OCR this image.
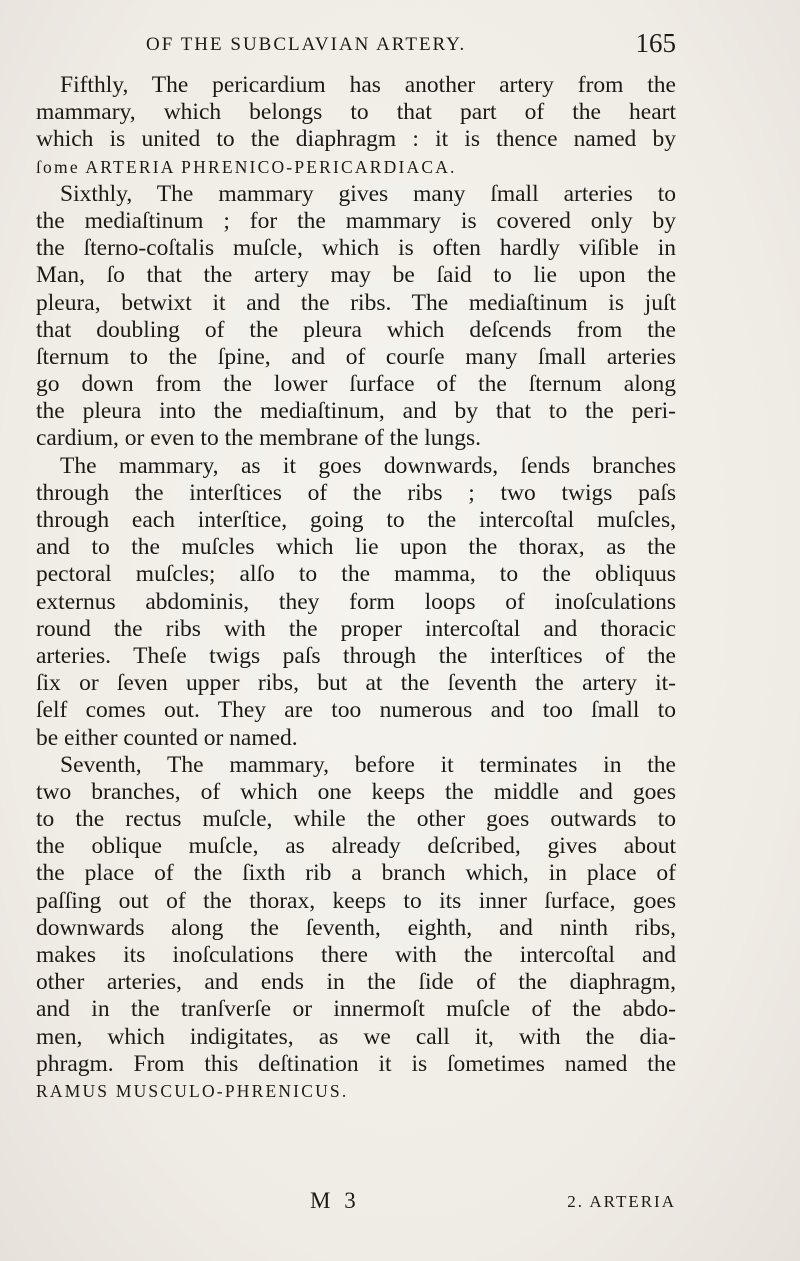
OF THE SUBCLAVIAN ARTERY.	165
Fifthly, The pericardium has another artery from the
mammary, which belongs to that part of the heart
which is united to the diaphragm : it is thence named by
ſome ARTERIA PHRENICO-PERICARDIACA.
Sixthly, The mammary gives many ſmall arteries to
the mediaſtinum ; for the mammary is covered only by
the ſterno-coſtalis muſcle, which is often hardly viſible in
Man, ſo that the artery may be ſaid to lie upon the
pleura, betwixt it and the ribs. The mediaſtinum is juſt
that doubling of the pleura which deſcends from the
ſternum to the ſpine, and of courſe many ſmall arteries
go down from the lower ſurface of the ſternum along
the pleura into the mediaſtinum, and by that to the peri-
cardium, or even to the membrane of the lungs.
The mammary, as it goes downwards, ſends branches
through the interſtices of the ribs ; two twigs paſs
through each interſtice, going to the intercoſtal muſcles,
and to the muſcles which lie upon the thorax, as the
pectoral muſcles; alſo to the mamma, to the obliquus
externus abdominis, they form loops of inoſculations
round the ribs with the proper intercoſtal and thoracic
arteries. Theſe twigs paſs through the interſtices of the
ſix or ſeven upper ribs, but at the ſeventh the artery it-
ſelf comes out. They are too numerous and too ſmall to
be either counted or named.
Seventh, The mammary, before it terminates in the
two branches, of which one keeps the middle and goes
to the rectus muſcle, while the other goes outwards to
the oblique muſcle, as already deſcribed, gives about
the place of the ſixth rib a branch which, in place of
paſſing out of the thorax, keeps to its inner ſurface, goes
downwards along the ſeventh, eighth, and ninth ribs,
makes its inoſculations there with the intercoſtal and
other arteries, and ends in the ſide of the diaphragm,
and in the tranſverſe or innermoſt muſcle of the abdo-
men, which indigitates, as we call it, with the dia-
phragm. From this deſtination it is ſometimes named the
RAMUS MUSCULO-PHRENICUS.
M 3	2. ARTERIA
